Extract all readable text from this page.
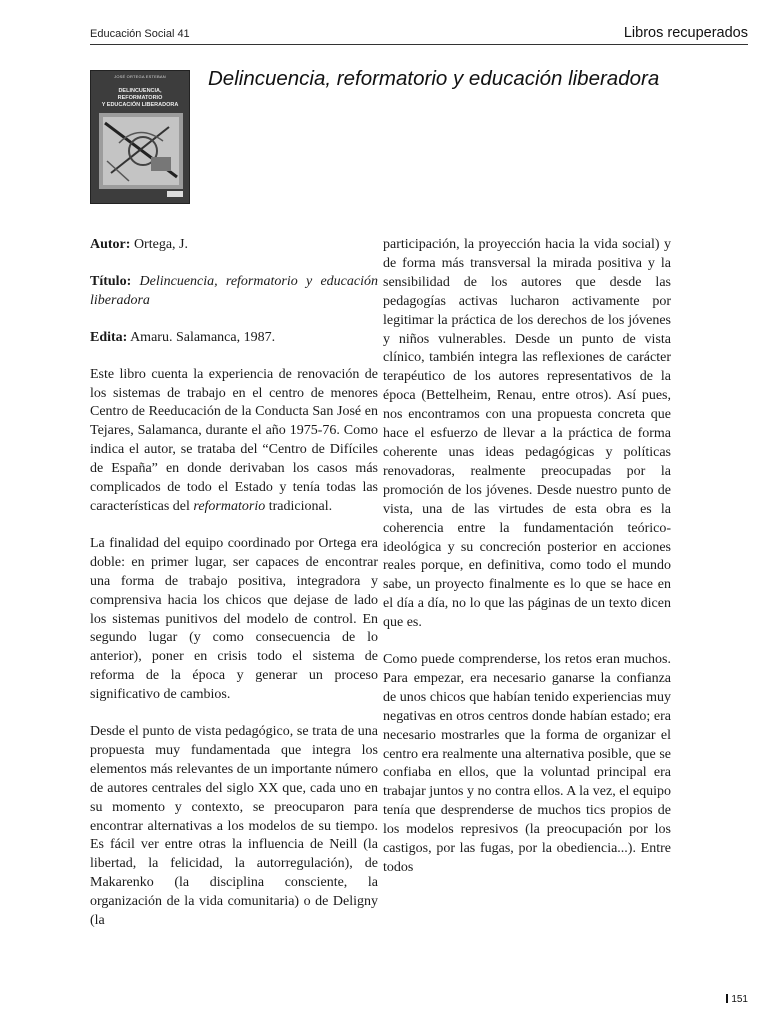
Educación Social 41	Libros recuperados
JOSÉ ORTEGA ESTEBAN
DELINCUENCIA, REFORMATORIO
Y EDUCACIÓN LIBERADORA
Delincuencia, reformatorio y educación liberadora

Autor: Ortega, J.

Título: Delincuencia, reformatorio y educación liberadora

Edita: Amaru. Salamanca, 1987.

Este libro cuenta la experiencia de renovación de los sistemas de trabajo en el centro de menores Centro de Reeducación de la Conducta San José en Tejares, Salamanca, durante el año 1975-76. Como indica el autor, se trataba del “Centro de Difíciles de España” en donde derivaban los casos más complicados de todo el Estado y tenía todas las características del reformatorio tradicional.

La finalidad del equipo coordinado por Ortega era doble: en primer lugar, ser capaces de encontrar una forma de trabajo positiva, integradora y comprensiva hacia los chicos que dejase de lado los sistemas punitivos del modelo de control. En segundo lugar (y como consecuencia de lo anterior), poner en crisis todo el sistema de reforma de la época y generar un proceso significativo de cambios.

Desde el punto de vista pedagógico, se trata de una propuesta muy fundamentada que integra los elementos más relevantes de un importante número de autores centrales del siglo XX que, cada uno en su momento y contexto, se preocuparon para encontrar alternativas a los modelos de su tiempo. Es fácil ver entre otras la influencia de Neill (la libertad, la felicidad, la autorregulación), de Makarenko (la disciplina consciente, la organización de la vida comunitaria) o de Deligny (la

participación, la proyección hacia la vida social) y de forma más transversal la mirada positiva y la sensibilidad de los autores que desde las pedagogías activas lucharon activamente por legitimar la práctica de los derechos de los jóvenes y niños vulnerables. Desde un punto de vista clínico, también integra las reflexiones de carácter terapéutico de los autores representativos de la época (Bettelheim, Renau, entre otros). Así pues, nos encontramos con una propuesta concreta que hace el esfuerzo de llevar a la práctica de forma coherente unas ideas pedagógicas y políticas renovadoras, realmente preocupadas por la promoción de los jóvenes. Desde nuestro punto de vista, una de las virtudes de esta obra es la coherencia entre la fundamentación teórico-ideológica y su concreción posterior en acciones reales porque, en definitiva, como todo el mundo sabe, un proyecto finalmente es lo que se hace en el día a día, no lo que las páginas de un texto dicen que es.

Como puede comprenderse, los retos eran muchos. Para empezar, era necesario ganarse la confianza de unos chicos que habían tenido experiencias muy negativas en otros centros donde habían estado; era necesario mostrarles que la forma de organizar el centro era realmente una alternativa posible, que se confiaba en ellos, que la voluntad principal era trabajar juntos y no contra ellos. A la vez, el equipo tenía que desprenderse de muchos tics propios de los modelos represivos (la preocupación por los castigos, por las fugas, por la obediencia...). Entre todos

151
